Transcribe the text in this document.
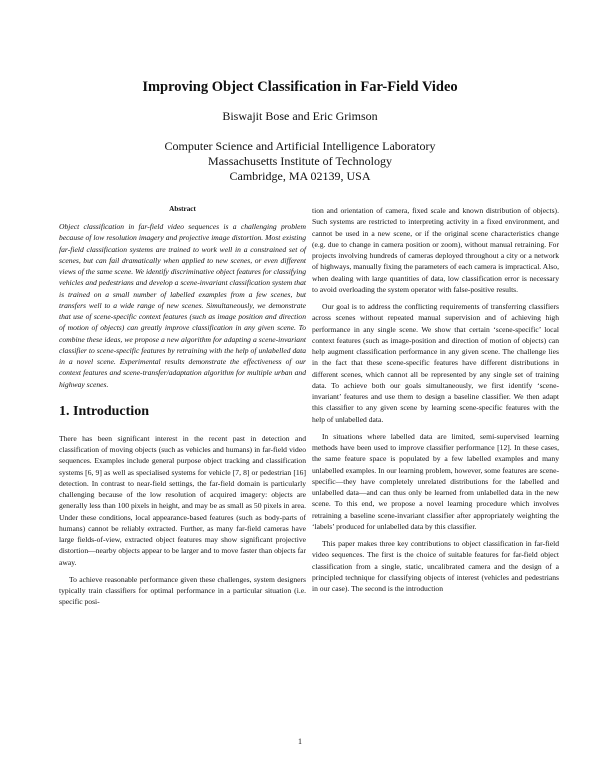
Improving Object Classification in Far-Field Video
Biswajit Bose and Eric Grimson
Computer Science and Artificial Intelligence Laboratory
Massachusetts Institute of Technology
Cambridge, MA 02139, USA
Abstract

Object classification in far-field video sequences is a challenging problem because of low resolution imagery and projective image distortion. Most existing far-field classification systems are trained to work well in a constrained set of scenes, but can fail dramatically when applied to new scenes, or even different views of the same scene. We identify discriminative object features for classifying vehicles and pedestrians and develop a scene-invariant classification system that is trained on a small number of labelled examples from a few scenes, but transfers well to a wide range of new scenes. Simultaneously, we demonstrate that use of scene-specific context features (such as image position and direction of motion of objects) can greatly improve classification in any given scene. To combine these ideas, we propose a new algorithm for adapting a scene-invariant classifier to scene-specific features by retraining with the help of unlabelled data in a novel scene. Experimental results demonstrate the effectiveness of our context features and scene-transfer/adaptation algorithm for multiple urban and highway scenes.

1. Introduction

There has been significant interest in the recent past in detection and classification of moving objects (such as vehicles and humans) in far-field video sequences. Examples include general purpose object tracking and classification systems [6, 9] as well as specialised systems for vehicle [7, 8] or pedestrian [16] detection. In contrast to near-field settings, the far-field domain is particularly challenging because of the low resolution of acquired imagery: objects are generally less than 100 pixels in height, and may be as small as 50 pixels in area. Under these conditions, local appearance-based features (such as body-parts of humans) cannot be reliably extracted. Further, as many far-field cameras have large fields-of-view, extracted object features may show significant projective distortion—nearby objects appear to be larger and to move faster than objects far away.

To achieve reasonable performance given these challenges, system designers typically train classifiers for optimal performance in a particular situation (i.e. specific posi-

tion and orientation of camera, fixed scale and known distribution of objects). Such systems are restricted to interpreting activity in a fixed environment, and cannot be used in a new scene, or if the original scene characteristics change (e.g. due to change in camera position or zoom), without manual retraining. For projects involving hundreds of cameras deployed throughout a city or a network of highways, manually fixing the parameters of each camera is impractical. Also, when dealing with large quantities of data, low classification error is necessary to avoid overloading the system operator with false-positive results.

Our goal is to address the conflicting requirements of transferring classifiers across scenes without repeated manual supervision and of achieving high performance in any single scene. We show that certain ‘scene-specific’ local context features (such as image-position and direction of motion of objects) can help augment classification performance in any given scene. The challenge lies in the fact that these scene-specific features have different distributions in different scenes, which cannot all be represented by any single set of training data. To achieve both our goals simultaneously, we first identify ‘scene-invariant’ features and use them to design a baseline classifier. We then adapt this classifier to any given scene by learning scene-specific features with the help of unlabelled data.

In situations where labelled data are limited, semi-supervised learning methods have been used to improve classifier performance [12]. In these cases, the same feature space is populated by a few labelled examples and many unlabelled examples. In our learning problem, however, some features are scene-specific—they have completely unrelated distributions for the labelled and unlabelled data—and can thus only be learned from unlabelled data in the new scene. To this end, we propose a novel learning procedure which involves retraining a baseline scene-invariant classifier after appropriately weighting the ‘labels’ produced for unlabelled data by this classifier.

This paper makes three key contributions to object classification in far-field video sequences. The first is the choice of suitable features for far-field object classification from a single, static, uncalibrated camera and the design of a principled technique for classifying objects of interest (vehicles and pedestrians in our case). The second is the introduction

1
